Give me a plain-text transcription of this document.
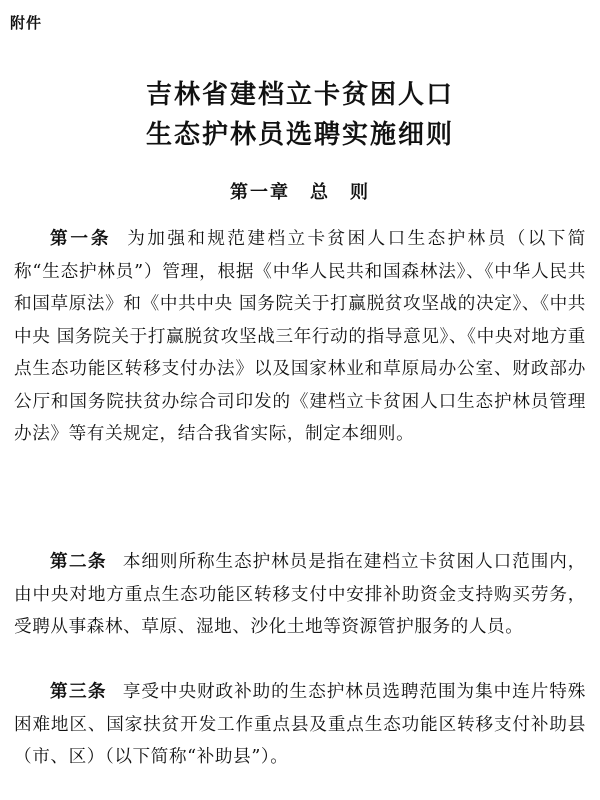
附件
吉林省建档立卡贫困人口
生态护林员选聘实施细则
第一章　总　则

第一条 为加强和规范建档立卡贫困人口生态护林员（以下简称“生态护林员”）管理，根据《中华人民共和国森林法》、《中华人民共和国草原法》和《中共中央 国务院关于打赢脱贫攻坚战的决定》、《中共中央 国务院关于打赢脱贫攻坚战三年行动的指导意见》、《中央对地方重点生态功能区转移支付办法》以及国家林业和草原局办公室、财政部办公厅和国务院扶贫办综合司印发的《建档立卡贫困人口生态护林员管理办法》等有关规定，结合我省实际，制定本细则。

第二条 本细则所称生态护林员是指在建档立卡贫困人口范围内，由中央对地方重点生态功能区转移支付中安排补助资金支持购买劳务，受聘从事森林、草原、湿地、沙化土地等资源管护服务的人员。

第三条 享受中央财政补助的生态护林员选聘范围为集中连片特殊困难地区、国家扶贫开发工作重点县及重点生态功能区转移支付补助县（市、区）（以下简称“补助县”）。
